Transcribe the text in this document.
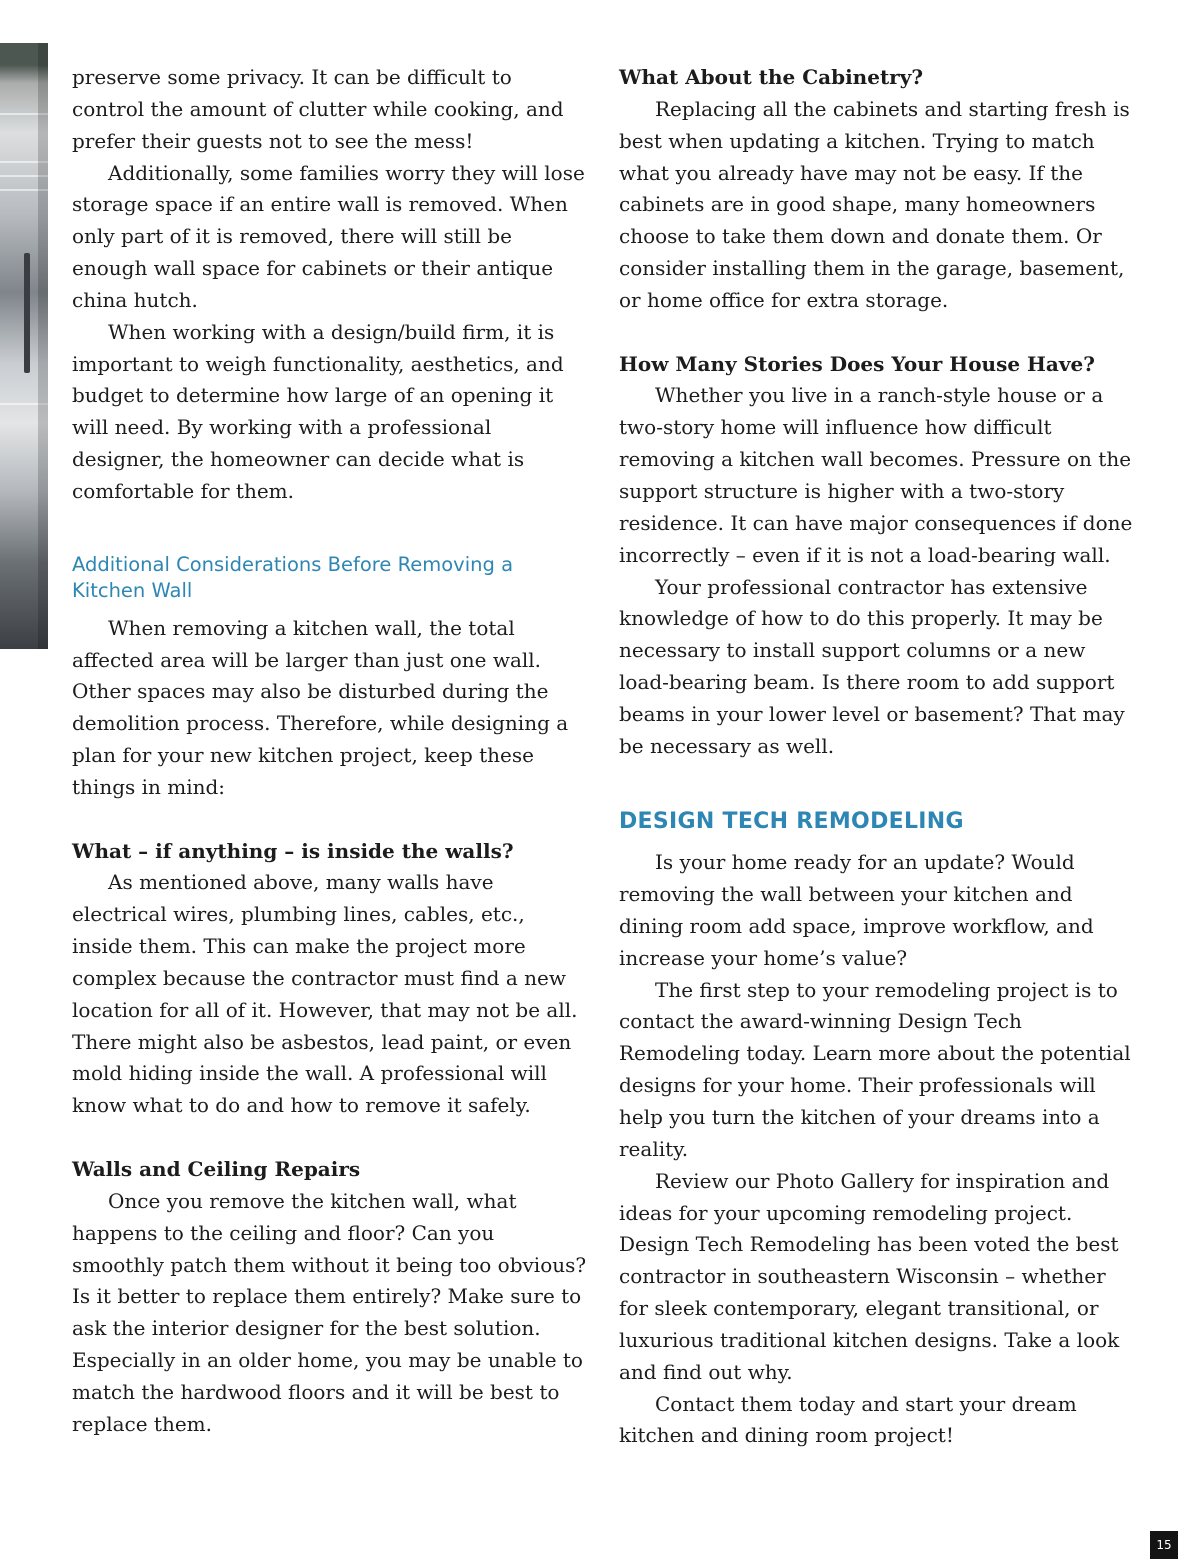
preserve some privacy. It can be difficult to control the amount of clutter while cooking, and prefer their guests not to see the mess!

Additionally, some families worry they will lose storage space if an entire wall is removed. When only part of it is removed, there will still be enough wall space for cabinets or their antique china hutch.

When working with a design/build firm, it is important to weigh functionality, aesthetics, and budget to determine how large of an opening it will need. By working with a professional designer, the homeowner can decide what is comfortable for them.

Additional Considerations Before Removing a Kitchen Wall

When removing a kitchen wall, the total affected area will be larger than just one wall. Other spaces may also be disturbed during the demolition process. Therefore, while designing a plan for your new kitchen project, keep these things in mind:

What – if anything – is inside the walls?

As mentioned above, many walls have electrical wires, plumbing lines, cables, etc., inside them. This can make the project more complex because the contractor must find a new location for all of it. However, that may not be all. There might also be asbestos, lead paint, or even mold hiding inside the wall. A professional will know what to do and how to remove it safely.

Walls and Ceiling Repairs

Once you remove the kitchen wall, what happens to the ceiling and floor? Can you smoothly patch them without it being too obvious? Is it better to replace them entirely? Make sure to ask the interior designer for the best solution. Especially in an older home, you may be unable to match the hardwood floors and it will be best to replace them.

What About the Cabinetry?

Replacing all the cabinets and starting fresh is best when updating a kitchen. Trying to match what you already have may not be easy. If the cabinets are in good shape, many homeowners choose to take them down and donate them. Or consider installing them in the garage, basement, or home office for extra storage.

How Many Stories Does Your House Have?

Whether you live in a ranch-style house or a two-story home will influence how difficult removing a kitchen wall becomes. Pressure on the support structure is higher with a two-story residence. It can have major consequences if done incorrectly – even if it is not a load-bearing wall.

Your professional contractor has extensive knowledge of how to do this properly. It may be necessary to install support columns or a new load-bearing beam. Is there room to add support beams in your lower level or basement? That may be necessary as well.

DESIGN TECH REMODELING

Is your home ready for an update? Would removing the wall between your kitchen and dining room add space, improve workflow, and increase your home’s value?

The first step to your remodeling project is to contact the award-winning Design Tech Remodeling today. Learn more about the potential designs for your home. Their professionals will help you turn the kitchen of your dreams into a reality.

Review our Photo Gallery for inspiration and ideas for your upcoming remodeling project. Design Tech Remodeling has been voted the best contractor in southeastern Wisconsin – whether for sleek contemporary, elegant transitional, or luxurious traditional kitchen designs. Take a look and find out why.

Contact them today and start your dream kitchen and dining room project!

15
